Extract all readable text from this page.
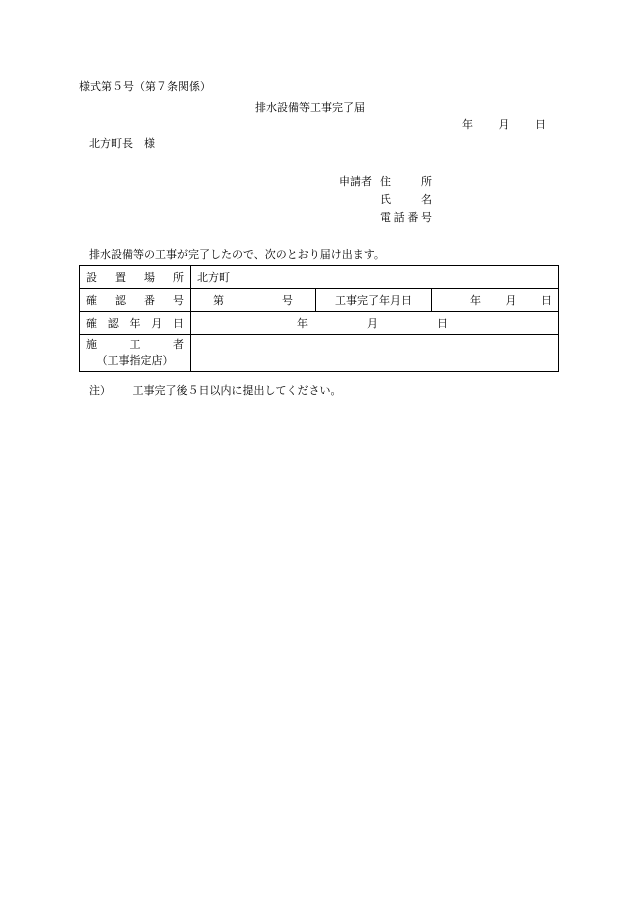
様式第５号（第７条関係）
排水設備等工事完了届
年 月 日
北方町長　様
申請者 住	所
氏	名
電 話 番 号
排水設備等の工事が完了したので、次のとおり届け出ます。
設 置 場 所	北方町		

確 認 番 号	第 号	工事完了年月日	年 月 日

確 認 年 月 日	年 月 日		

施 工 者
（工事指定店）			

注） 工事完了後５日以内に提出してください。
